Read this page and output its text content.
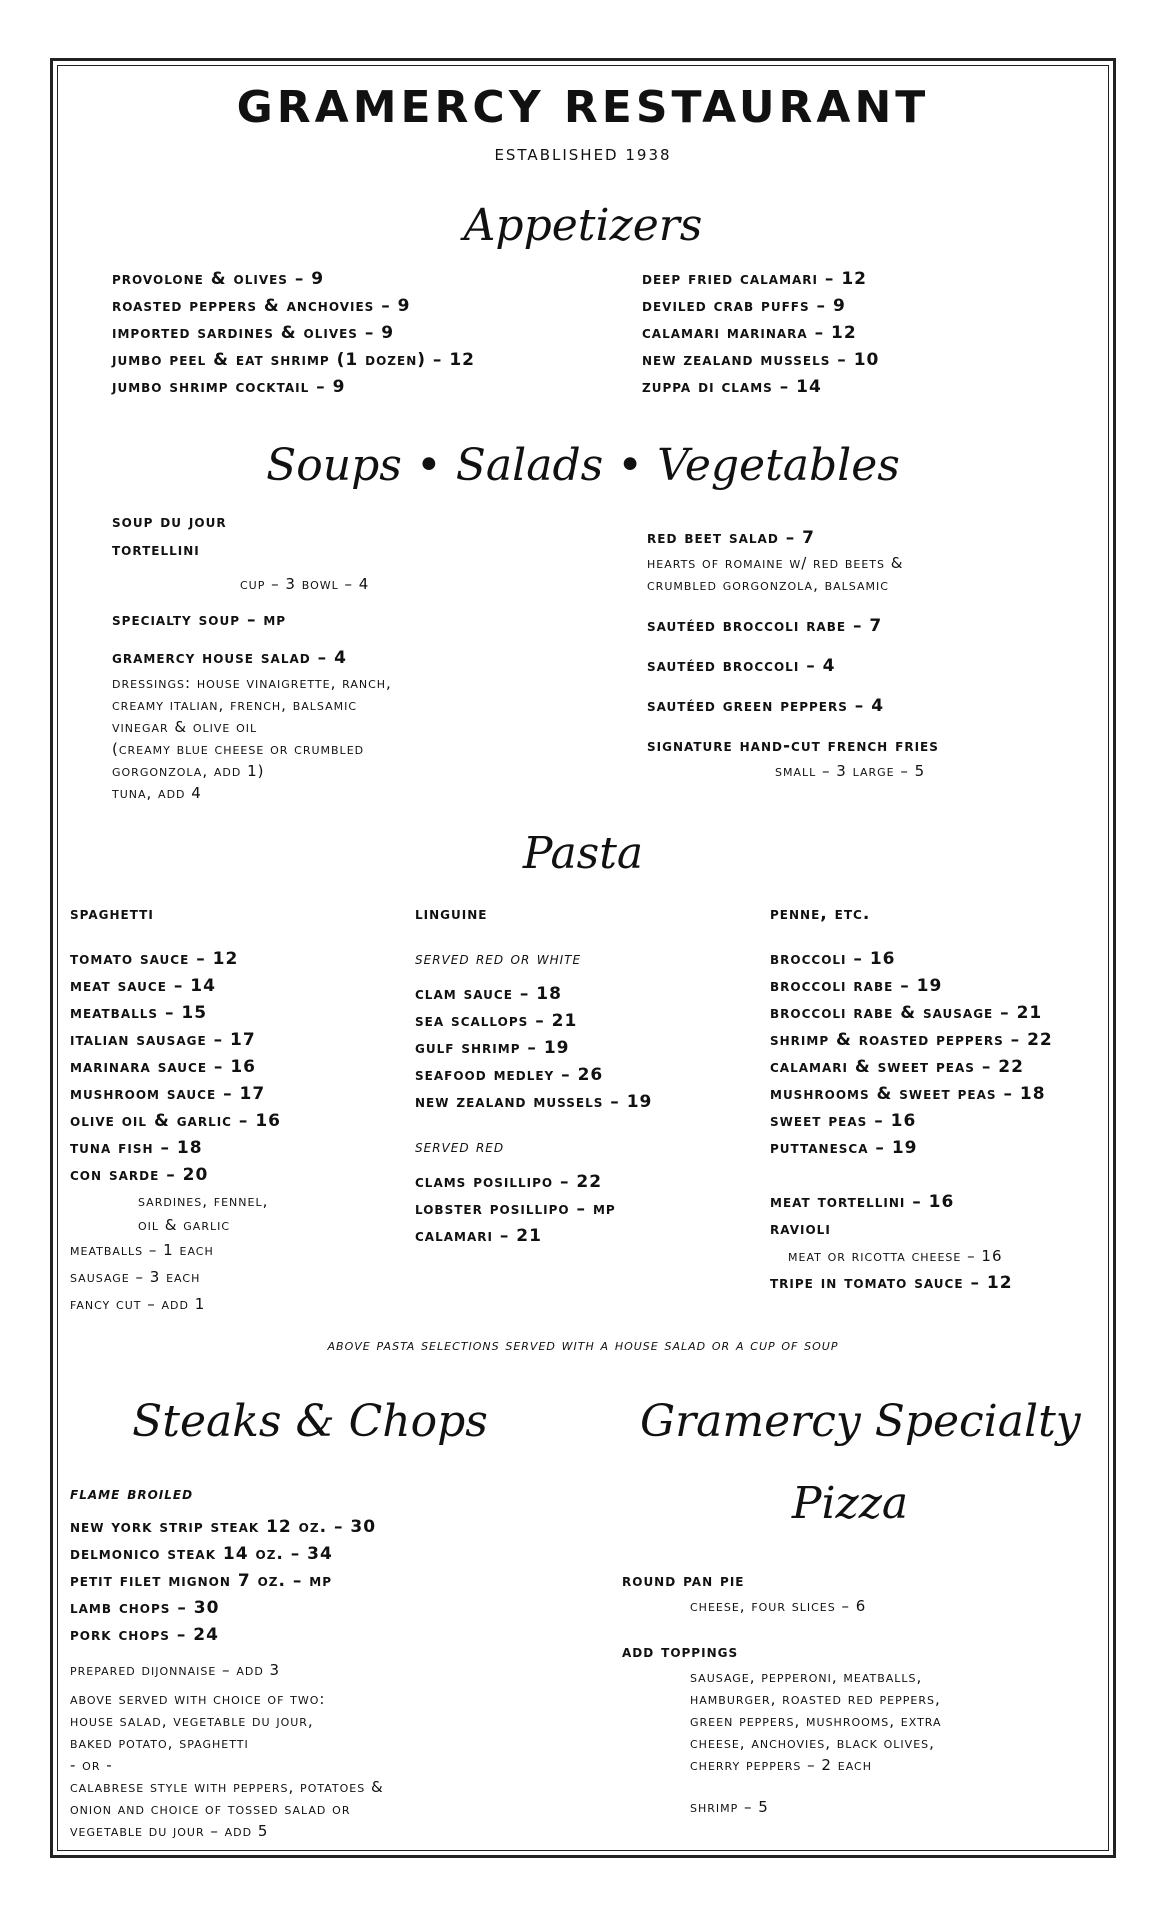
GRAMERCY RESTAURANT
ESTABLISHED 1938
Appetizers
provolone & olives – 9
roasted peppers & anchovies – 9
imported sardines & olives – 9
jumbo peel & eat shrimp (1 dozen) – 12
jumbo shrimp cocktail – 9
deep fried calamari – 12
deviled crab puffs – 9
calamari marinara – 12
new zealand mussels – 10
zuppa di clams – 14
Soups • Salads • Vegetables
soup du jour
tortellini
cup – 3 bowl – 4
specialty soup – mp
gramercy house salad – 4
dressings: house vinaigrette, ranch,
creamy italian, french, balsamic
vinegar & olive oil
(creamy blue cheese or crumbled
gorgonzola, add 1)
tuna, add 4
red beet salad – 7
hearts of romaine w/ red beets &
crumbled gorgonzola, balsamic
sautéed broccoli rabe – 7
sautéed broccoli – 4
sautéed green peppers – 4
signature hand-cut french fries
small – 3 large – 5
Pasta
spaghetti
tomato sauce – 12
meat sauce – 14
meatballs – 15
italian sausage – 17
marinara sauce – 16
mushroom sauce – 17
olive oil & garlic – 16
tuna fish – 18
con sarde – 20
sardines, fennel,
oil & garlic
meatballs – 1 each
sausage – 3 each
fancy cut – add 1
linguine
served red or white
clam sauce – 18
sea scallops – 21
gulf shrimp – 19
seafood medley – 26
new zealand mussels – 19
served red
clams posillipo – 22
lobster posillipo – mp
calamari – 21
penne, etc.
broccoli – 16
broccoli rabe – 19
broccoli rabe & sausage – 21
shrimp & roasted peppers – 22
calamari & sweet peas – 22
mushrooms & sweet peas – 18
sweet peas – 16
puttanesca – 19
meat tortellini – 16
ravioli
meat or ricotta cheese – 16
tripe in tomato sauce – 12
above pasta selections served with a house salad or a cup of soup
Steaks & Chops
flame broiled
new york strip steak 12 oz. – 30
delmonico steak 14 oz. – 34
petit filet mignon 7 oz. – mp
lamb chops – 30
pork chops – 24
prepared dijonnaise – add 3
above served with choice of two:
house salad, vegetable du jour,
baked potato, spaghetti
- or -
calabrese style with peppers, potatoes &
onion and choice of tossed salad or
vegetable du jour – add 5
Gramercy Specialty
Pizza
round pan pie
cheese, four slices – 6
add toppings
sausage, pepperoni, meatballs,
hamburger, roasted red peppers,
green peppers, mushrooms, extra
cheese, anchovies, black olives,
cherry peppers – 2 each
shrimp – 5
